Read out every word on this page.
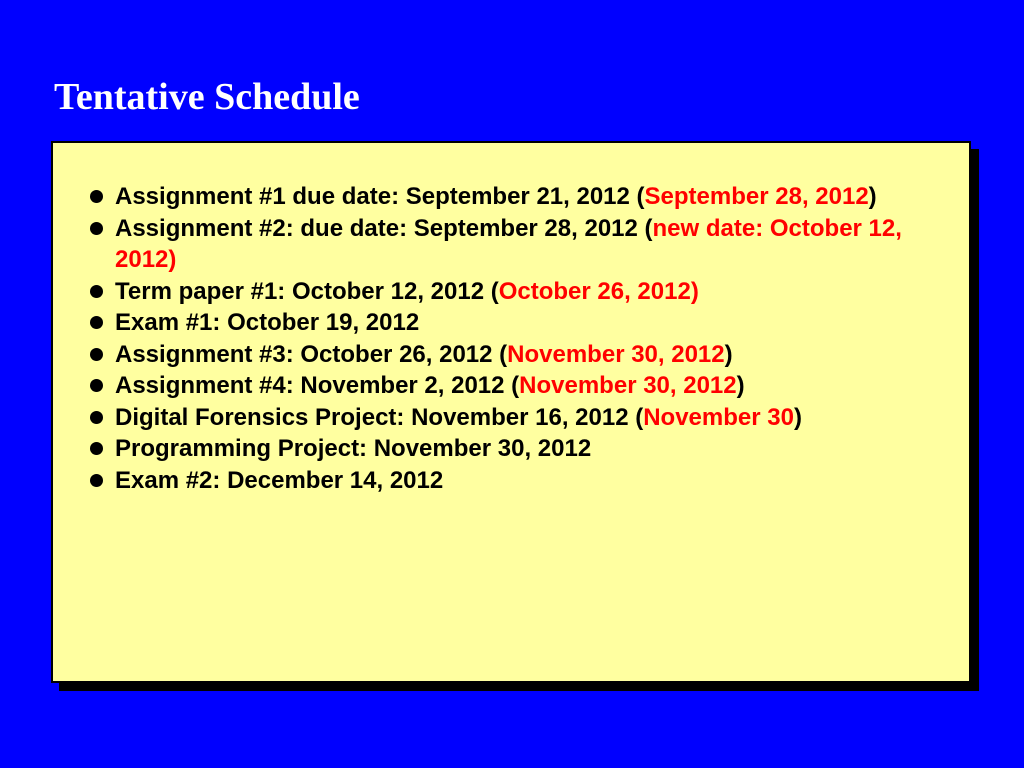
Tentative Schedule
Assignment #1 due date: September 21, 2012 (September 28, 2012)
Assignment #2: due date: September 28, 2012 (new date: October 12, 2012)
Term paper #1: October 12, 2012 (October 26, 2012)
Exam #1: October 19, 2012
Assignment #3: October 26, 2012 (November 30, 2012)
Assignment #4: November 2, 2012 (November 30, 2012)
Digital Forensics Project: November 16, 2012 (November 30)
Programming Project: November 30, 2012
Exam #2: December 14, 2012
